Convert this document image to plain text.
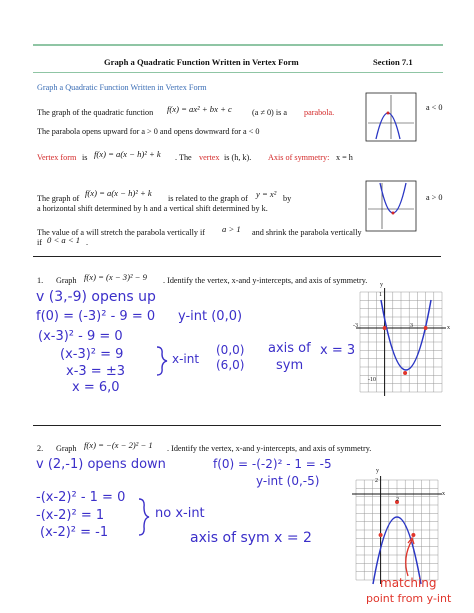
Graph a Quadratic Function Written in Vertex Form	Section 7.1
Graph a Quadratic Function Written in Vertex Form
The graph of the quadratic function f(x) = ax² + bx + c (a ≠ 0) is a parabola.
The parabola opens upward for a > 0 and opens downward for a < 0
Vertex form is f(x) = a(x − h)² + k . The vertex is (h, k). Axis of symmetry: x = h
The graph of
f(x) = a(x − h)² + k
is related to the graph of y = x² by
a horizontal shift determined by h and a vertical shift determined by k.
The value of a will stretch the parabola vertically if a > 1 and shrink the parabola vertically
if 0 < a < 1 .
a < 0
a > 0
1. Graph f(x) = (x − 3)² − 9 . Identify the vertex, x-and y-intercepts, and axis of symmetry.
v (3,-9) opens up
f(0) = (-3)² - 9 = 0 y-int (0,0)
(x-3)² - 9 = 0
(x-3)² = 9
x-3 = ±3
x = 6,0
x-int
(0,0)
(6,0)
axis of
sym
x = 3
y
x
-3	3
-10
1
2. Graph f(x) = −(x − 2)² − 1 . Identify the vertex, x-and y-intercepts, and axis of symmetry.
v (2,-1) opens down	f(0) = -(-2)² - 1 = -5
y-int (0,-5)
-(x-2)² - 1 = 0
-(x-2)² = 1
(x-2)² = -1
no x-int
axis of sym x = 2
y
x
2
2
matching
point from y-int
